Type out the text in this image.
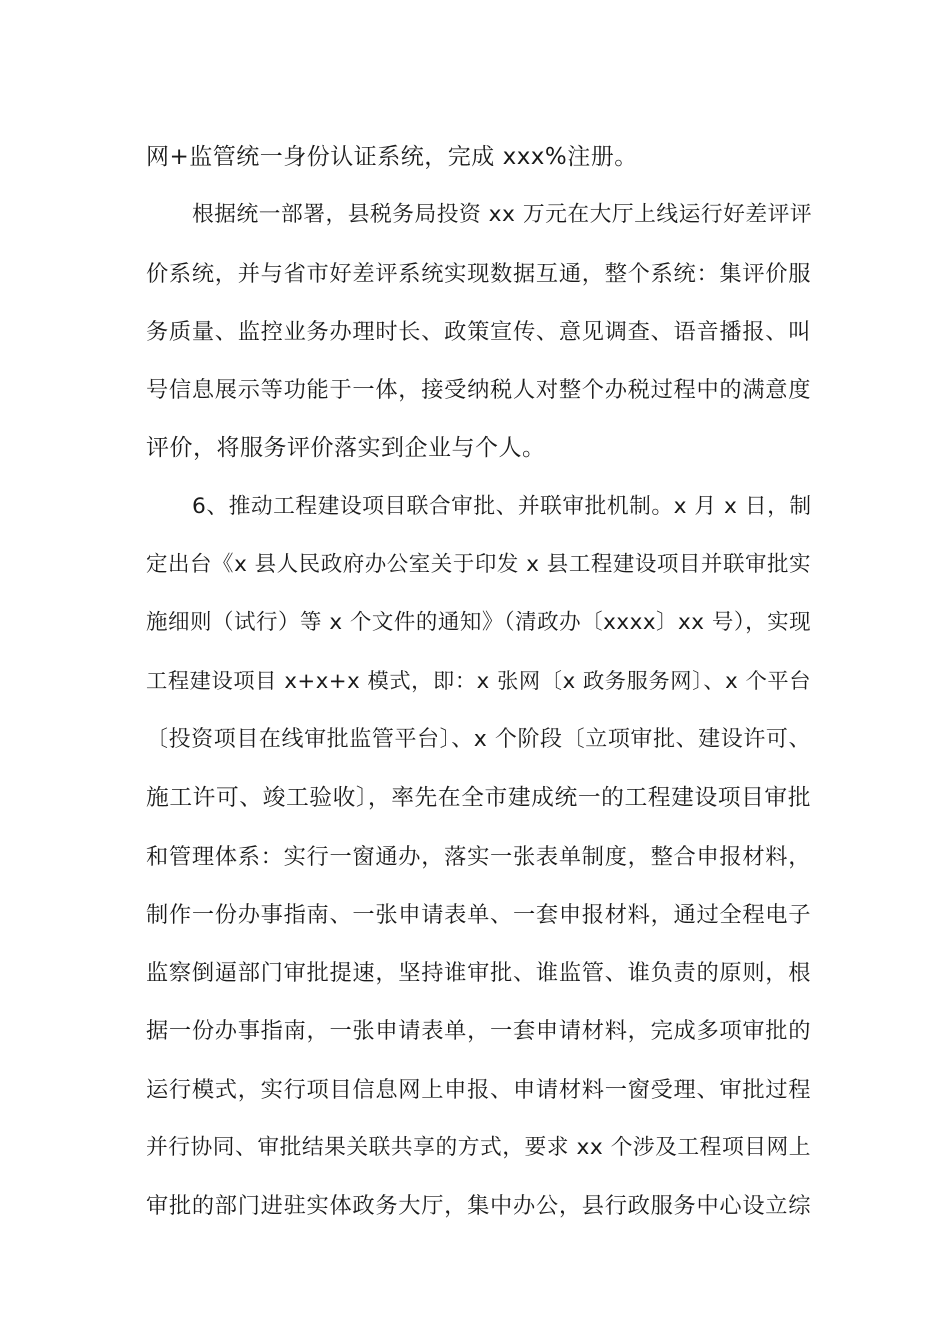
网+监管统一身份认证系统，完成 xxx%注册。
根据统一部署，县税务局投资 xx 万元在大厅上线运行好差评评
价系统，并与省市好差评系统实现数据互通，整个系统：集评价服
务质量、监控业务办理时长、政策宣传、意见调查、语音播报、叫
号信息展示等功能于一体，接受纳税人对整个办税过程中的满意度
评价，将服务评价落实到企业与个人。
6、推动工程建设项目联合审批、并联审批机制。x 月 x 日，制
定出台《x 县人民政府办公室关于印发 x 县工程建设项目并联审批实
施细则（试行）等 x 个文件的通知》（清政办〔xxxx〕xx 号），实现
工程建设项目 x+x+x 模式，即：x 张网〔x 政务服务网〕、x 个平台
〔投资项目在线审批监管平台〕、x 个阶段〔立项审批、建设许可、
施工许可、竣工验收〕，率先在全市建成统一的工程建设项目审批
和管理体系：实行一窗通办，落实一张表单制度，整合申报材料，
制作一份办事指南、一张申请表单、一套申报材料，通过全程电子
监察倒逼部门审批提速，坚持谁审批、谁监管、谁负责的原则，根
据一份办事指南，一张申请表单，一套申请材料，完成多项审批的
运行模式，实行项目信息网上申报、申请材料一窗受理、审批过程
并行协同、审批结果关联共享的方式，要求 xx 个涉及工程项目网上
审批的部门进驻实体政务大厅，集中办公，县行政服务中心设立综
